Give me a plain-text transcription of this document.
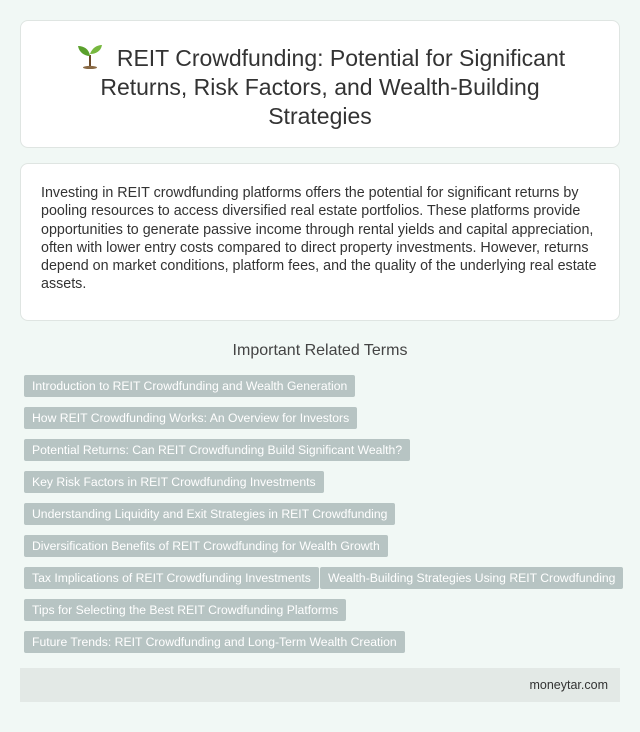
REIT Crowdfunding: Potential for Significant Returns, Risk Factors, and Wealth-Building Strategies

Investing in REIT crowdfunding platforms offers the potential for significant returns by pooling resources to access diversified real estate portfolios. These platforms provide opportunities to generate passive income through rental yields and capital appreciation, often with lower entry costs compared to direct property investments. However, returns depend on market conditions, platform fees, and the quality of the underlying real estate assets.

Important Related Terms
Introduction to REIT Crowdfunding and Wealth Generation
How REIT Crowdfunding Works: An Overview for Investors
Potential Returns: Can REIT Crowdfunding Build Significant Wealth?
Key Risk Factors in REIT Crowdfunding Investments
Understanding Liquidity and Exit Strategies in REIT Crowdfunding
Diversification Benefits of REIT Crowdfunding for Wealth Growth
Tax Implications of REIT Crowdfunding Investments	Wealth-Building Strategies Using REIT Crowdfunding
Tips for Selecting the Best REIT Crowdfunding Platforms
Future Trends: REIT Crowdfunding and Long-Term Wealth Creation
moneytar.com
